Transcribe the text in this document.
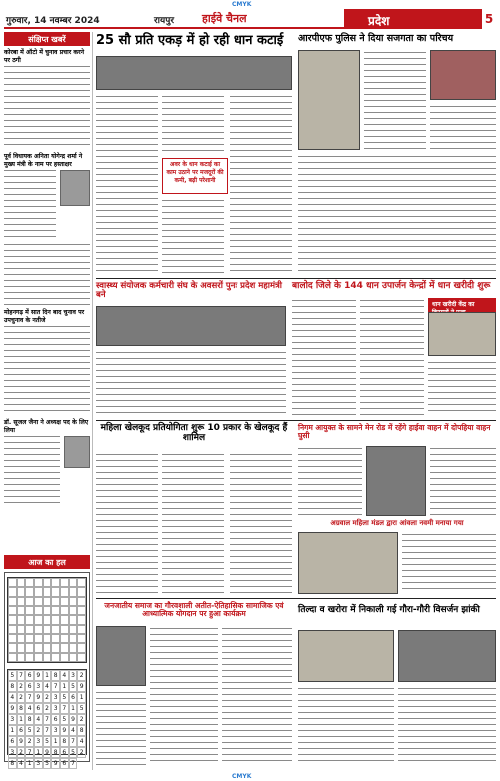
CMYK
गुरुवार, 14 नवम्बर 2024	रायपुर	हाईवे चैनल	प्रदेश	5
संक्षिप्त खबरें
कोरबा में ऑटो में चुनाव प्रचार करने पर ठगी
पूर्व विधायक अनिता योगेन्द्र शर्मा ने मुख्य मंत्री के नाम पर हस्ताक्षर
मोहनगढ़ में सात दिन बाद चुनाव पर उपचुनाव के नतीजे
डॉ. सूजल जैना ने अध्यक्ष पद के लिए लिया
आज का हल
5 7 6 9 1 8 4 3 2
8 2 6 3 4 7 1 5 9
4 2 7 9 2 3 5 6 1
9 8 4 6 2 3 7 1 5
3 1 8 4 7 6 5 9 2
1 6 5 2 7 3 9 4 8
6 9 2 3 5 1 8 7 4
3 2 7 1 9 8 6 5 2
8 4 1 3 5 9 6 7
25 सौ प्रति एकड़ में हो रही धान कटाई
अवर के धान कटाई का काम उठाने पर मजदूरों की कमी, बढ़ी परेशानी
आरपीएफ पुलिस ने दिया सजगता का परिचय
स्वास्थ्य संयोजक कर्मचारी संघ के अवसरों पुनः प्रदेश महामंत्री बने
बालोद जिले के 144 धान उपार्जन केन्द्रों में धान खरीदी शुरू
धान खरीदी केंद्र का
महिला खेलकूद प्रतियोगिता शुरू 10 प्रकार के खेलकूद हैं शामिल
निगम आयुक्त के सामने मेन रोड में रहेंगे हाईवा वाहन में दोपहिया वाहन घुसी
अग्रवाल महिला मंडल द्वारा आंवला नवमी मनाया गया
जनजातीय समाज का गौरवशाली अतीत-ऐतिहासिक सामाजिक एवं आध्यात्मिक योगदान पर हुआ कार्यक्रम	तिल्दा व खरोरा में निकाली गई गौरा-गौरी विसर्जन झांकी
CMYK
